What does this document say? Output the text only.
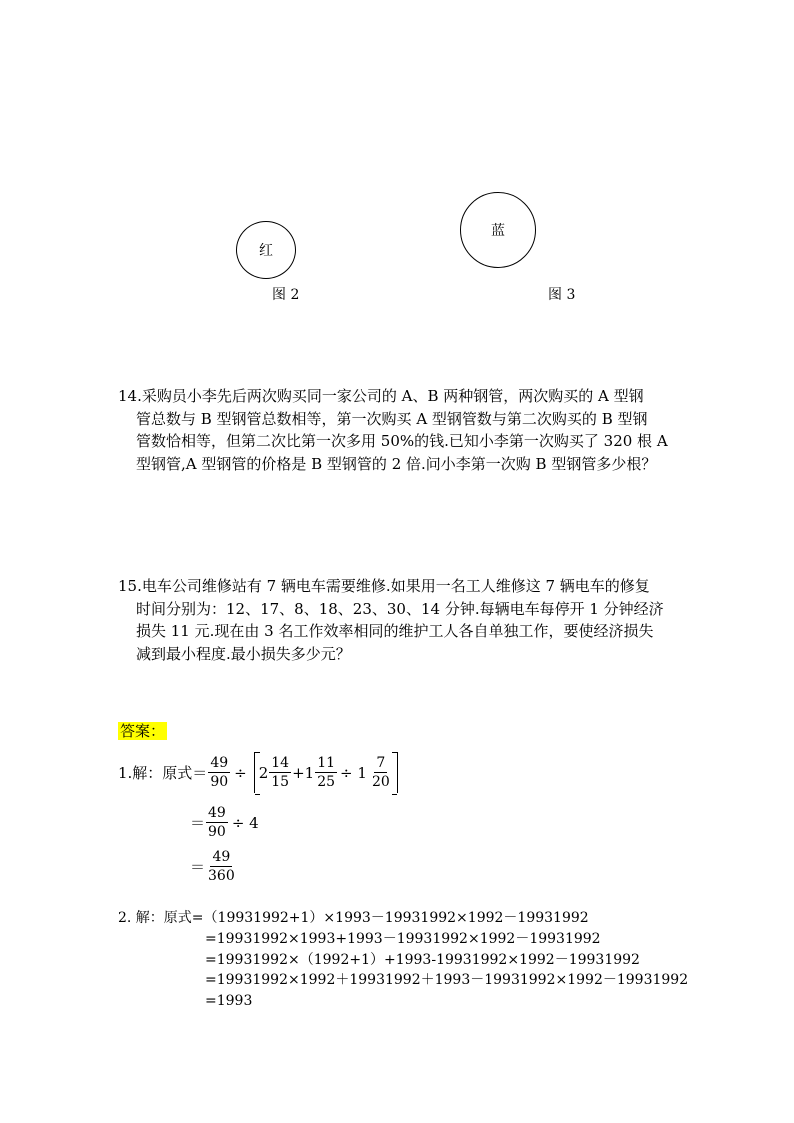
红
图 2
蓝
图 3
14.采购员小李先后两次购买同一家公司的 A、B 两种钢管，两次购买的 A 型钢
管总数与 B 型钢管总数相等，第一次购买 A 型钢管数与第二次购买的 B 型钢
管数恰相等，但第二次比第一次多用 50%的钱.已知小李第一次购买了 320 根 A
型钢管,A 型钢管的价格是 B 型钢管的 2 倍.问小李第一次购 B 型钢管多少根？
15.电车公司维修站有 7 辆电车需要维修.如果用一名工人维修这 7 辆电车的修复
时间分别为：12、17、8、18、23、30、14 分钟.每辆电车每停开 1 分钟经济
损失 11 元.现在由 3 名工作效率相同的维护工人各自单独工作，要使经济损失
减到最小程度.最小损失多少元？
答案：
1.解：原式＝ $\frac{49}{90} \div 2 \frac{14}{15} +1 \frac{11}{25} \div 1 \frac{7}{20}$
＝ $\frac{49}{90} \div 4$
＝ $\frac{49}{360}$
2. 解：原式=（19931992+1）×1993－19931992×1992－19931992
=19931992×1993+1993－19931992×1992－19931992
=19931992×（1992+1）+1993-19931992×1992－19931992
=19931992×1992＋19931992＋1993－19931992×1992－19931992
=1993
